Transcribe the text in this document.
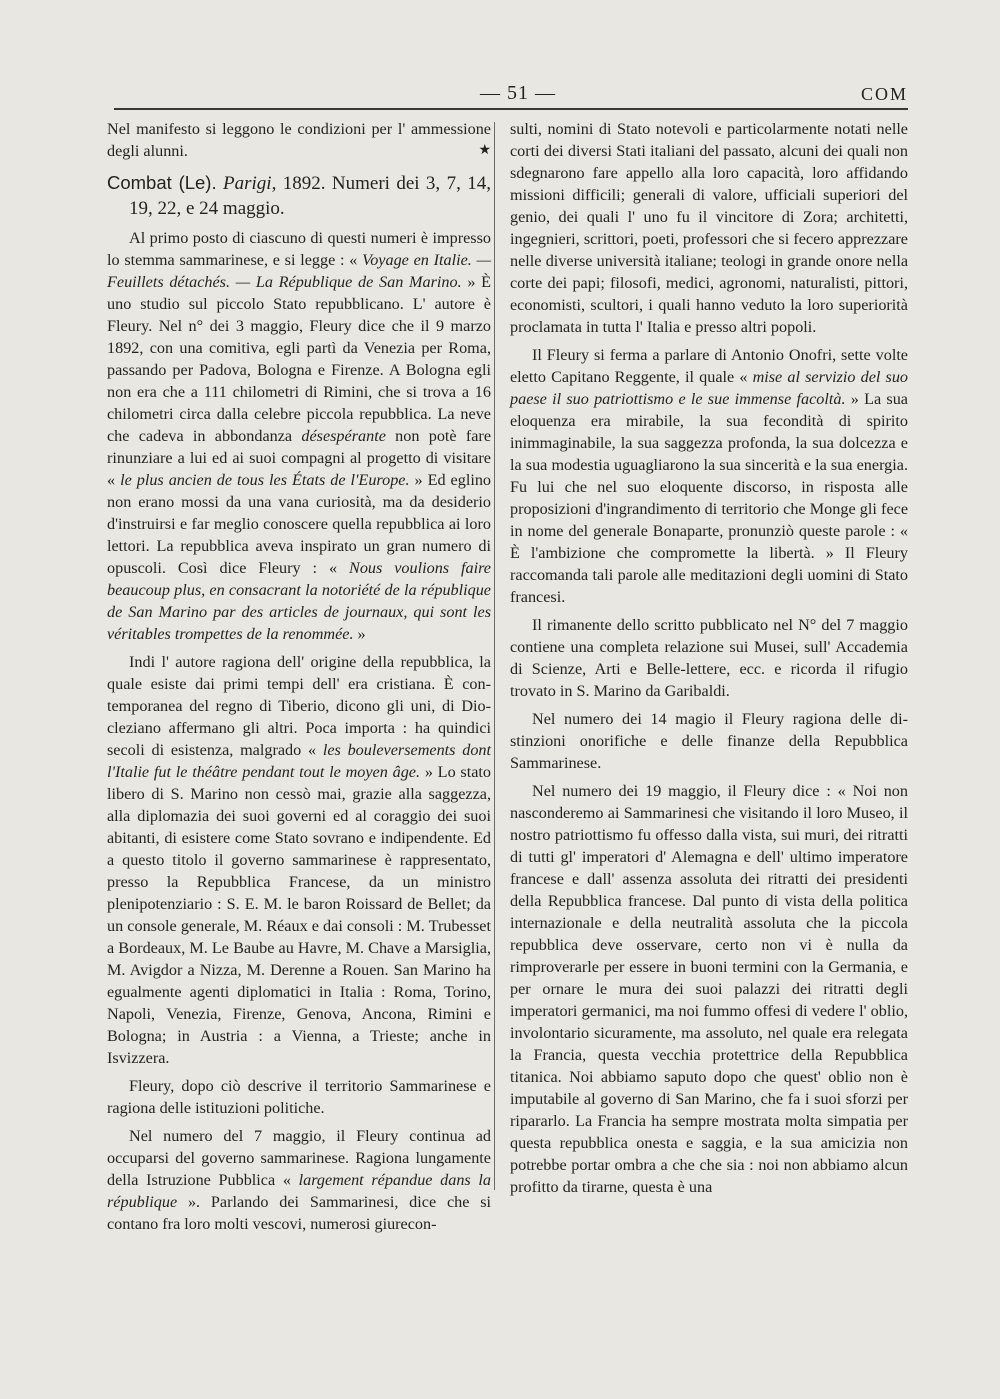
— 51 —	COM

Nel manifesto si leggono le condizioni per l' ammessione degli alunni.	★

Combat (Le). Parigi, 1892. Numeri dei 3, 7, 14, 19, 22, e 24 maggio.

Al primo posto di ciascuno di questi numeri è impresso lo stemma sammarinese, e si legge : « Voyage en Italie. — Feuillets détachés. — La République de San Marino. » È uno studio sul piccolo Stato repubblicano. L' autore è Fleury. Nel n° dei 3 maggio, Fleury dice che il 9 marzo 1892, con una comitiva, egli partì da Venezia per Roma, passando per Padova, Bologna e Firenze. A Bologna egli non era che a 111 chilometri di Rimini, che si trova a 16 chilometri circa dalla celebre piccola repubblica. La neve che cadeva in abbondanza désespérante non potè fare rinunziare a lui ed ai suoi compagni al progetto di visitare « le plus ancien de tous les États de l'Europe. » Ed eglino non erano mossi da una vana curiosità, ma da desiderio d'instruirsi e far meglio conoscere quella repubblica ai loro lettori. La repubblica aveva inspirato un gran numero di opuscoli. Così dice Fleury : « Nous voulions faire beaucoup plus, en consacrant la notoriété de la république de San Marino par des articles de journaux, qui sont les véritables trompettes de la renommée. »

Indi l' autore ragiona dell' origine della repubblica, la quale esiste dai primi tempi dell' era cristiana. È contemporanea del regno di Tiberio, dicono gli uni, di Diocleziano affermano gli altri. Poca importa : ha quindici secoli di esistenza, malgrado « les bouleversements dont l'Italie fut le théâtre pendant tout le moyen âge. » Lo stato libero di S. Marino non cessò mai, grazie alla saggezza, alla diplomazia dei suoi governi ed al coraggio dei suoi abitanti, di esistere come Stato sovrano e indipendente. Ed a questo titolo il governo sammarinese è rappresentato, presso la Repubblica Francese, da un ministro plenipotenziario : S. E. M. le baron Roissard de Bellet; da un console generale, M. Réaux e dai consoli : M. Trubesset a Bordeaux, M. Le Baube au Havre, M. Chave a Marsiglia, M. Avigdor a Nizza, M. Derenne a Rouen. San Marino ha egualmente agenti diplomatici in Italia : Roma, Torino, Napoli, Venezia, Firenze, Genova, Ancona, Rimini e Bologna; in Austria : a Vienna, a Trieste; anche in Isvizzera.

Fleury, dopo ciò descrive il territorio Sammarinese e ragiona delle istituzioni politiche.

Nel numero del 7 maggio, il Fleury continua ad occuparsi del governo sammarinese. Ragiona lungamente della Istruzione Pubblica « largement répandue dans la république ». Parlando dei Sammarinesi, dice che si contano fra loro molti vescovi, numerosi giurecon-

sulti, nomini di Stato notevoli e particolarmente notati nelle corti dei diversi Stati italiani del passato, alcuni dei quali non sdegnarono fare appello alla loro capacità, loro affidando missioni difficili; generali di valore, ufficiali superiori del genio, dei quali l' uno fu il vincitore di Zora; architetti, ingegnieri, scrittori, poeti, professori che si fecero apprezzare nelle diverse università italiane; teologi in grande onore nella corte dei papi; filosofi, medici, agronomi, naturalisti, pittori, economisti, scultori, i quali hanno veduto la loro superiorità proclamata in tutta l' Italia e presso altri popoli.

Il Fleury si ferma a parlare di Antonio Onofri, sette volte eletto Capitano Reggente, il quale « mise al servizio del suo paese il suo patriottismo e le sue immense facoltà. » La sua eloquenza era mirabile, la sua fecondità di spirito inimmaginabile, la sua saggezza profonda, la sua dolcezza e la sua modestia uguagliarono la sua sincerità e la sua energia. Fu lui che nel suo eloquente discorso, in risposta alle proposizioni d'ingrandimento di territorio che Monge gli fece in nome del generale Bonaparte, pronunziò queste parole : « È l'ambizione che compromette la libertà. » Il Fleury raccomanda tali parole alle meditazioni degli uomini di Stato francesi.

Il rimanente dello scritto pubblicato nel N° del 7 maggio contiene una completa relazione sui Musei, sull' Accademia di Scienze, Arti e Belle-lettere, ecc. e ricorda il rifugio trovato in S. Marino da Garibaldi.

Nel numero dei 14 magio il Fleury ragiona delle distinzioni onorifiche e delle finanze della Repubblica Sammarinese.

Nel numero dei 19 maggio, il Fleury dice : « Noi non nasconderemo ai Sammarinesi che visitando il loro Museo, il nostro patriottismo fu offesso dalla vista, sui muri, dei ritratti di tutti gl' imperatori d' Alemagna e dell' ultimo imperatore francese e dall' assenza assoluta dei ritratti dei presidenti della Repubblica francese. Dal punto di vista della politica internazionale e della neutralità assoluta che la piccola repubblica deve osservare, certo non vi è nulla da rimproverarle per essere in buoni termini con la Germania, e per ornare le mura dei suoi palazzi dei ritratti degli imperatori germanici, ma noi fummo offesi di vedere l' oblio, involontario sicuramente, ma assoluto, nel quale era relegata la Francia, questa vecchia protettrice della Repubblica titanica. Noi abbiamo saputo dopo che quest' oblio non è imputabile al governo di San Marino, che fa i suoi sforzi per ripararlo. La Francia ha sempre mostrata molta simpatia per questa repubblica onesta e saggia, e la sua amicizia non potrebbe portar ombra a che che sia : noi non abbiamo alcun profitto da tirarne, questa è una
